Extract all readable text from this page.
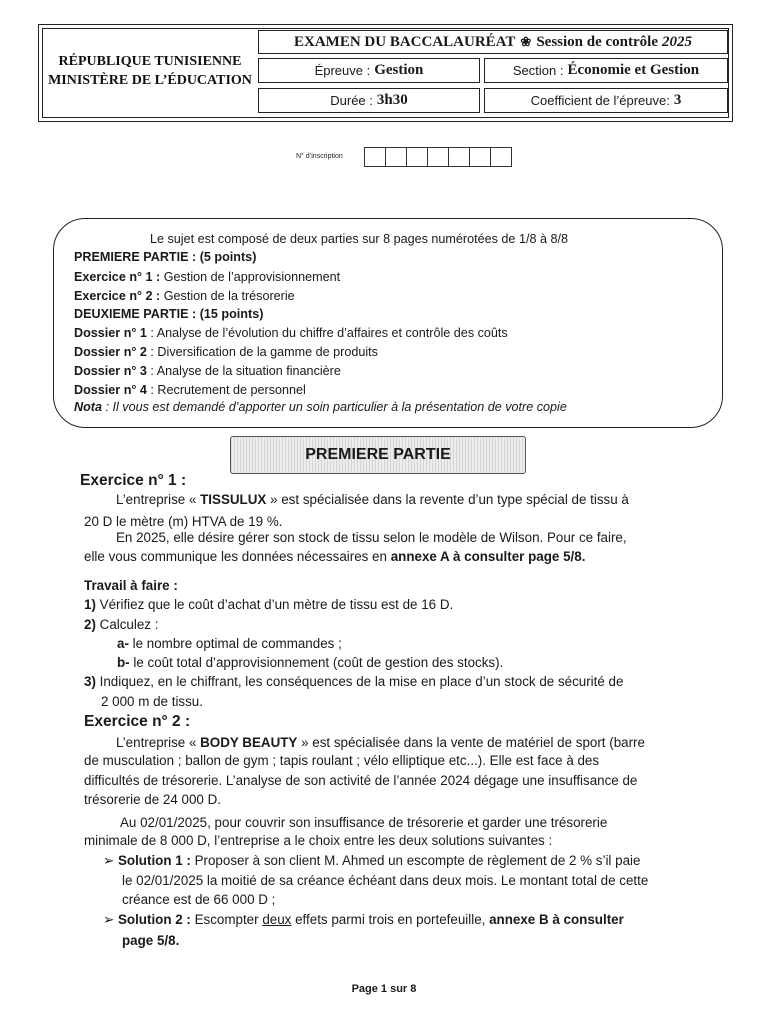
RÉPUBLIQUE TUNISIENNE
MINISTÈRE DE L’ÉDUCATION
EXAMEN DU BACCALAURÉAT ❀ Session de contrôle 2025
Épreuve : Gestion	Section : Économie et Gestion
Durée : 3h30	Coefficient de l’épreuve: 3
N° d’inscription
Le sujet est composé de deux parties sur 8 pages numérotées de 1/8 à 8/8
PREMIERE PARTIE : (5 points)
Exercice n° 1 : Gestion de l’approvisionnement
Exercice n° 2 : Gestion de la trésorerie
DEUXIEME PARTIE : (15 points)
Dossier n° 1 : Analyse de l’évolution du chiffre d’affaires et contrôle des coûts
Dossier n° 2 : Diversification de la gamme de produits
Dossier n° 3 : Analyse de la situation financière
Dossier n° 4 : Recrutement de personnel
Nota : Il vous est demandé d’apporter un soin particulier à la présentation de votre copie
PREMIERE PARTIE
Exercice n° 1 :
L’entreprise « TISSULUX » est spécialisée dans la revente d’un type spécial de tissu à
20 D le mètre (m) HTVA de 19 %.
En 2025, elle désire gérer son stock de tissu selon le modèle de Wilson. Pour ce faire,
elle vous communique les données nécessaires en annexe A à consulter page 5/8.
Travail à faire :
1) Vérifiez que le coût d’achat d’un mètre de tissu est de 16 D.
2) Calculez :
a- le nombre optimal de commandes ;
b- le coût total d’approvisionnement (coût de gestion des stocks).
3) Indiquez, en le chiffrant, les conséquences de la mise en place d’un stock de sécurité de
2 000 m de tissu.
Exercice n° 2 :
L’entreprise « BODY BEAUTY » est spécialisée dans la vente de matériel de sport (barre
de musculation ; ballon de gym ; tapis roulant ; vélo elliptique etc...). Elle est face à des
difficultés de trésorerie. L’analyse de son activité de l’année 2024 dégage une insuffisance de
trésorerie de 24 000 D.
Au 02/01/2025, pour couvrir son insuffisance de trésorerie et garder une trésorerie
minimale de 8 000 D, l’entreprise a le choix entre les deux solutions suivantes :
➢ Solution 1 : Proposer à son client M. Ahmed un escompte de règlement de 2 % s’il paie
le 02/01/2025 la moitié de sa créance échéant dans deux mois. Le montant total de cette
créance est de 66 000 D ;
➢ Solution 2 : Escompter deux effets parmi trois en portefeuille, annexe B à consulter
page 5/8.
Page 1 sur 8
